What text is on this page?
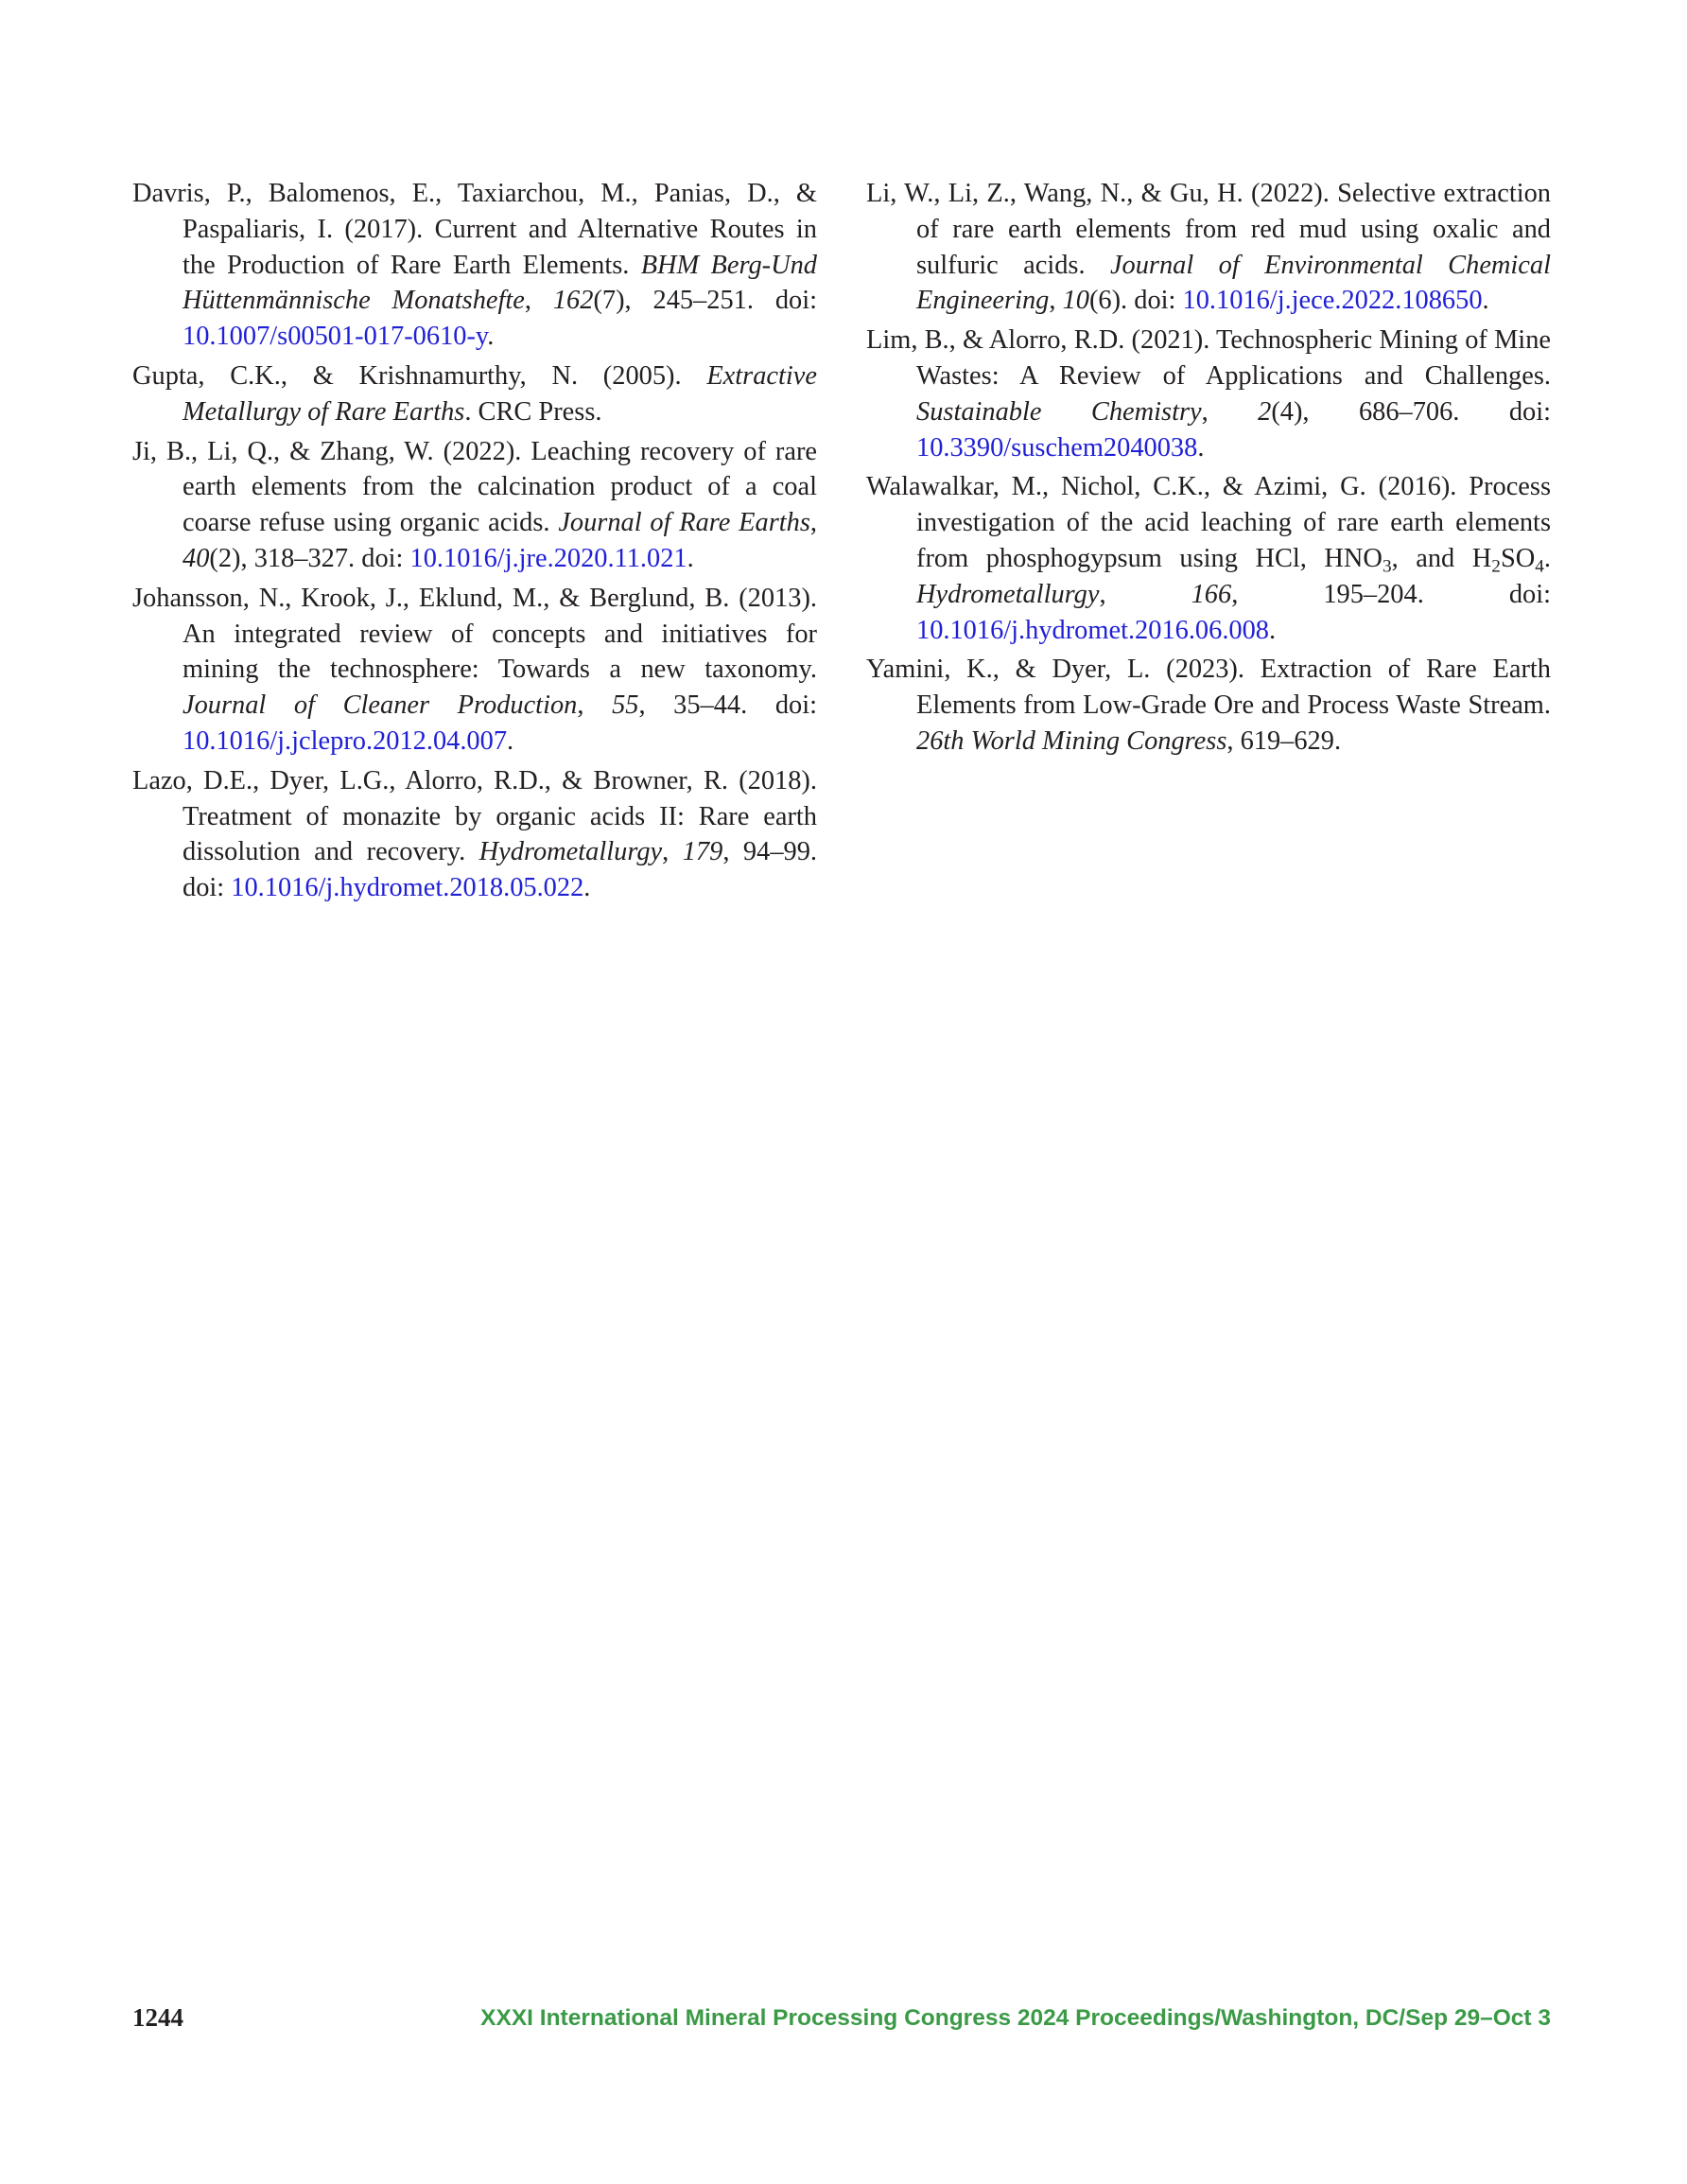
Davris, P., Balomenos, E., Taxiarchou, M., Panias, D., & Paspaliaris, I. (2017). Current and Alternative Routes in the Production of Rare Earth Elements. BHM Berg-Und Hüttenmännische Monatshefte, 162(7), 245–251. doi: 10.1007/s00501-017-0610-y.

Gupta, C.K., & Krishnamurthy, N. (2005). Extractive Metallurgy of Rare Earths. CRC Press.

Ji, B., Li, Q., & Zhang, W. (2022). Leaching recovery of rare earth elements from the calcination product of a coal coarse refuse using organic acids. Journal of Rare Earths, 40(2), 318–327. doi: 10.1016/j.jre.2020.11.021.

Johansson, N., Krook, J., Eklund, M., & Berglund, B. (2013). An integrated review of concepts and initiatives for mining the technosphere: Towards a new taxonomy. Journal of Cleaner Production, 55, 35–44. doi: 10.1016/j.jclepro.2012.04.007.

Lazo, D.E., Dyer, L.G., Alorro, R.D., & Browner, R. (2018). Treatment of monazite by organic acids II: Rare earth dissolution and recovery. Hydrometallurgy, 179, 94–99. doi: 10.1016/j.hydromet.2018.05.022.

Li, W., Li, Z., Wang, N., & Gu, H. (2022). Selective extraction of rare earth elements from red mud using oxalic and sulfuric acids. Journal of Environmental Chemical Engineering, 10(6). doi: 10.1016/j.jece.2022.108650.

Lim, B., & Alorro, R.D. (2021). Technospheric Mining of Mine Wastes: A Review of Applications and Challenges. Sustainable Chemistry, 2(4), 686–706. doi: 10.3390/suschem2040038.

Walawalkar, M., Nichol, C.K., & Azimi, G. (2016). Process investigation of the acid leaching of rare earth elements from phosphogypsum using HCl, $HNO_3$, and $H_2SO_4$. Hydrometallurgy, 166, 195–204. doi: 10.1016/j.hydromet.2016.06.008.

Yamini, K., & Dyer, L. (2023). Extraction of Rare Earth Elements from Low-Grade Ore and Process Waste Stream. 26th World Mining Congress, 619–629.

1244	XXXI International Mineral Processing Congress 2024 Proceedings/Washington, DC/Sep 29–Oct 3
